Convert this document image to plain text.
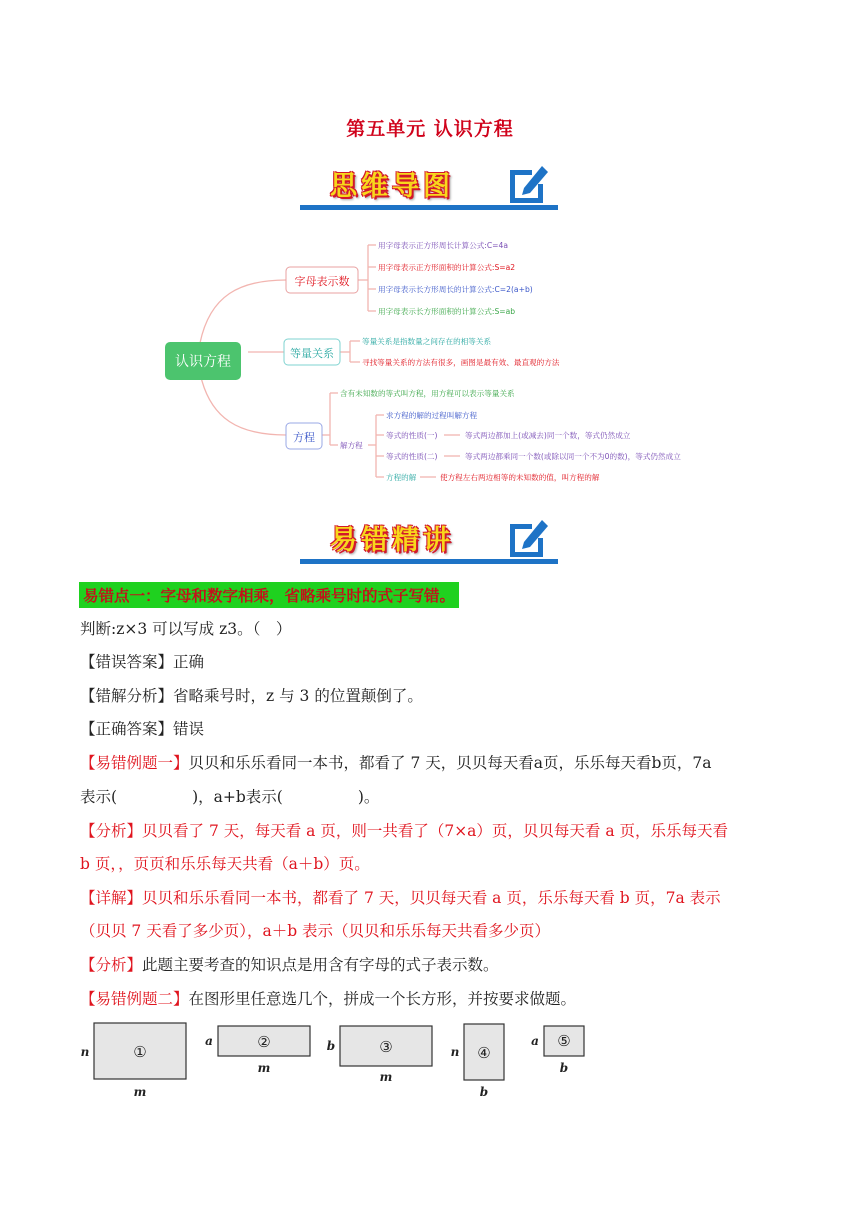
第五单元 认识方程
思维导图
认识方程
字母表示数
用字母表示正方形周长计算公式:C=4a
用字母表示正方形面积的计算公式:S=a2
用字母表示长方形周长的计算公式:C=2(a+b)
用字母表示长方形面积的计算公式:S=ab
等量关系
等量关系是指数量之间存在的相等关系
寻找等量关系的方法有很多，画图是最有效、最直观的方法
方程
含有未知数的等式叫方程，用方程可以表示等量关系
解方程
求方程的解的过程叫解方程
等式的性质(一)
等式的性质(二)
方程的解
等式两边都加上(或减去)同一个数，等式仍然成立
等式两边都乘同一个数(或除以同一个不为0的数)，等式仍然成立
使方程左右两边相等的未知数的值，叫方程的解
易错精讲
易错点一：字母和数字相乘，省略乘号时的式子写错。
判断:z×3 可以写成 z3。（　）
【错误答案】正确
【错解分析】省略乘号时，z 与 3 的位置颠倒了。
【正确答案】错误
【易错例题一】贝贝和乐乐看同一本书，都看了 7 天，贝贝每天看a页，乐乐每天看b页，7a
表示(	)，a+b表示(	)。
【分析】贝贝看了 7 天，每天看 a 页，则一共看了（7×a）页，贝贝每天看 a 页，乐乐每天看
b 页，，页页和乐乐每天共看（a＋b）页。
【详解】贝贝和乐乐看同一本书，都看了 7 天，贝贝每天看 a 页，乐乐每天看 b 页，7a 表示
（贝贝 7 天看了多少页），a＋b 表示（贝贝和乐乐每天共看多少页）
【分析】此题主要考查的知识点是用含有字母的式子表示数。
【易错例题二】在图形里任意选几个，拼成一个长方形，并按要求做题。
①
②	③	④
⑤
n
m
a
m
b
m
n
b
a
b
